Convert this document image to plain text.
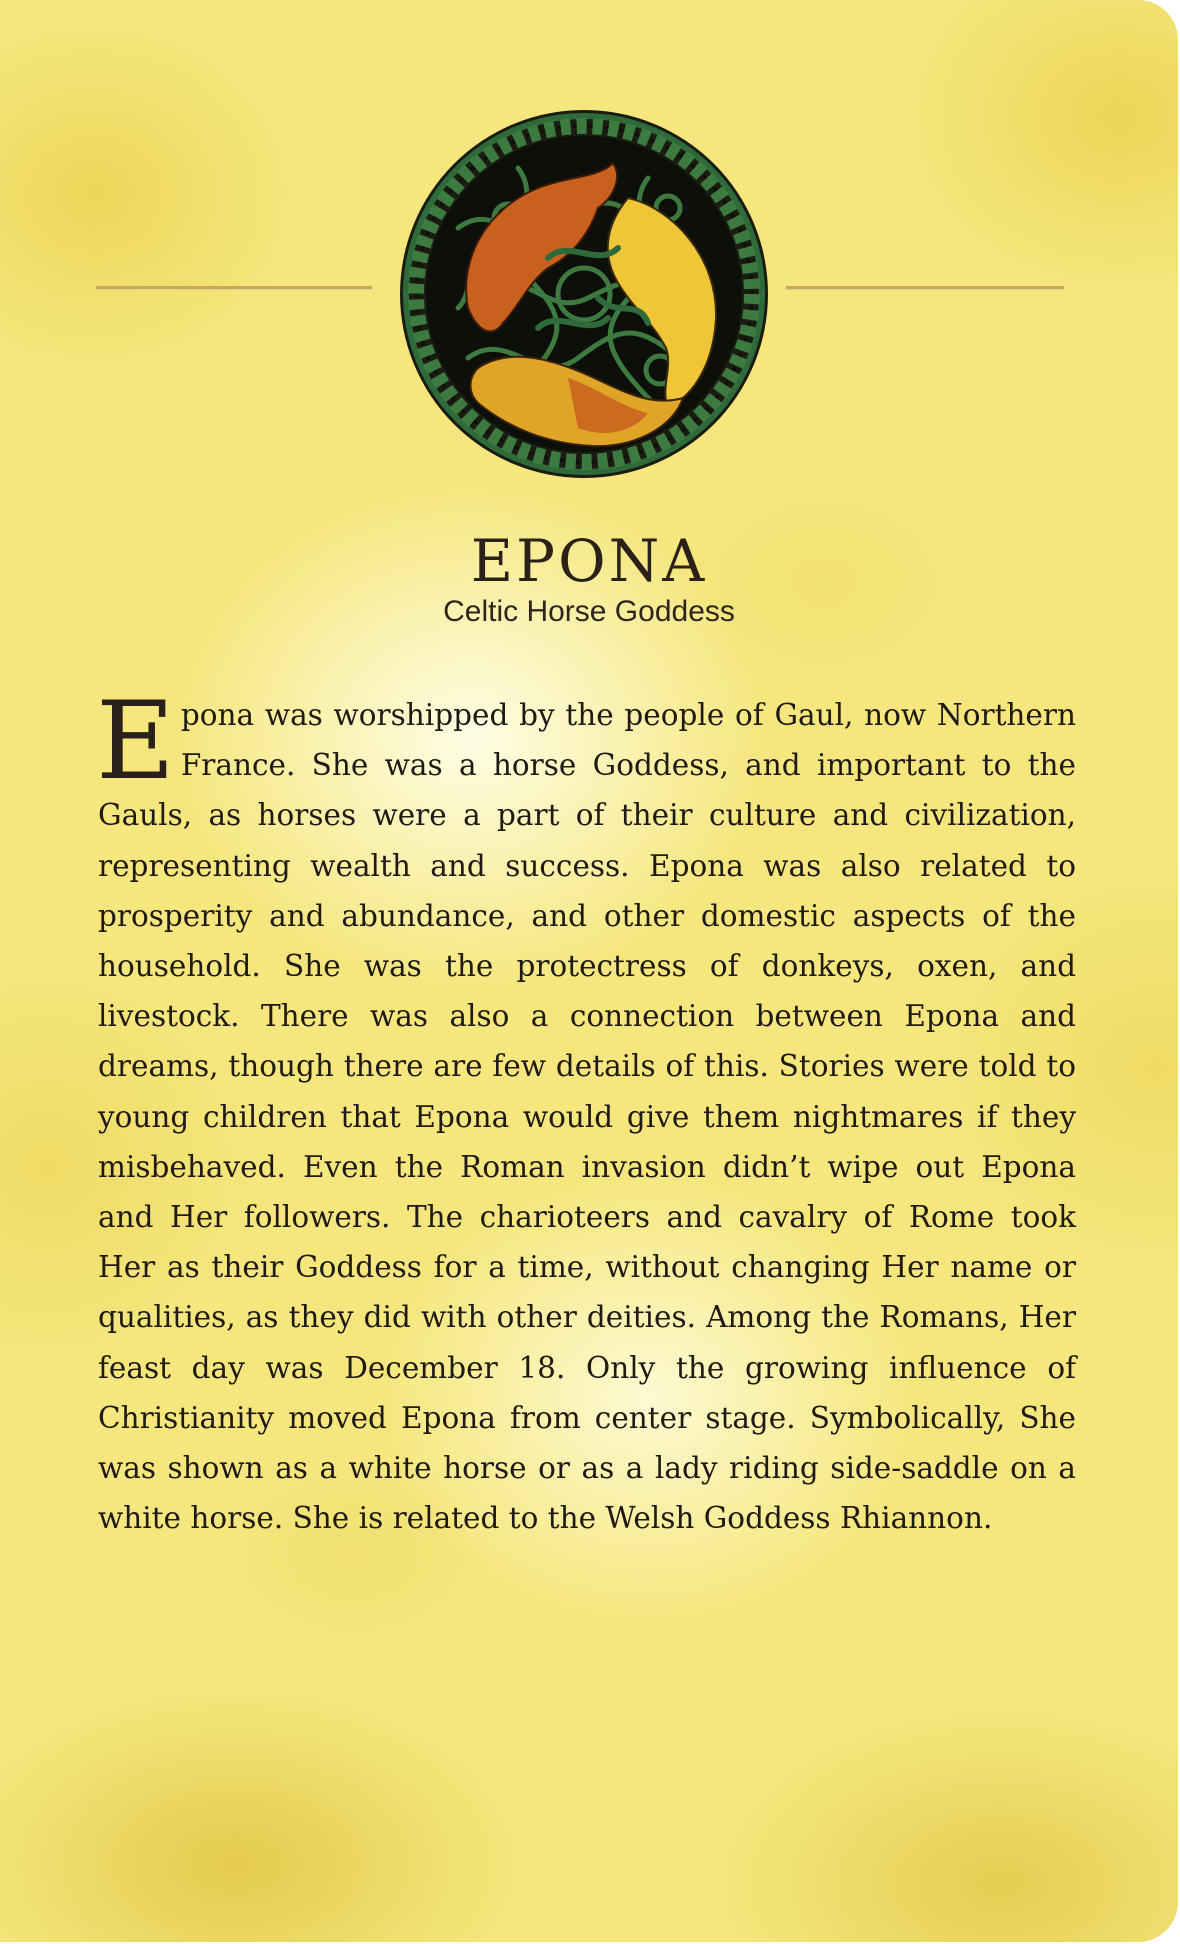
EPONA
Celtic Horse Goddess

Epona was worshipped by the people of Gaul, now Northern France. She was a horse Goddess, and important to the Gauls, as horses were a part of their culture and civilization, representing wealth and success. Epona was also related to prosperity and abundance, and other domestic aspects of the household. She was the protectress of donkeys, oxen, and livestock. There was also a connection between Epona and dreams, though there are few details of this. Stories were told to young children that Epona would give them nightmares if they misbehaved. Even the Roman invasion didn’t wipe out Epona and Her followers. The charioteers and cavalry of Rome took Her as their Goddess for a time, without changing Her name or qualities, as they did with other deities. Among the Romans, Her feast day was December 18. Only the growing influence of Christianity moved Epona from center stage. Symbolically, She was shown as a white horse or as a lady riding side-saddle on a white horse. She is related to the Welsh Goddess Rhiannon.
